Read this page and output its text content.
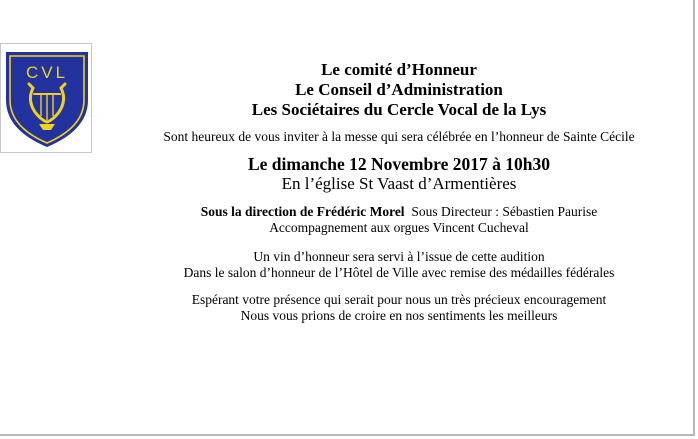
CVL	Le comité d’Honneur
Le Conseil d’Administration
Les Sociétaires du Cercle Vocal de la Lys
Sont heureux de vous inviter à la messe qui sera célébrée en l’honneur de Sainte Cécile
Le dimanche 12 Novembre 2017 à 10h30
En l’église St Vaast d’Armentières
Sous la direction de Frédéric Morel Sous Directeur : Sébastien Paurise
Accompagnement aux orgues Vincent Cucheval
Un vin d’honneur sera servi à l’issue de cette audition
Dans le salon d’honneur de l’Hôtel de Ville avec remise des médailles fédérales
Espérant votre présence qui serait pour nous un très précieux encouragement
Nous vous prions de croire en nos sentiments les meilleurs
